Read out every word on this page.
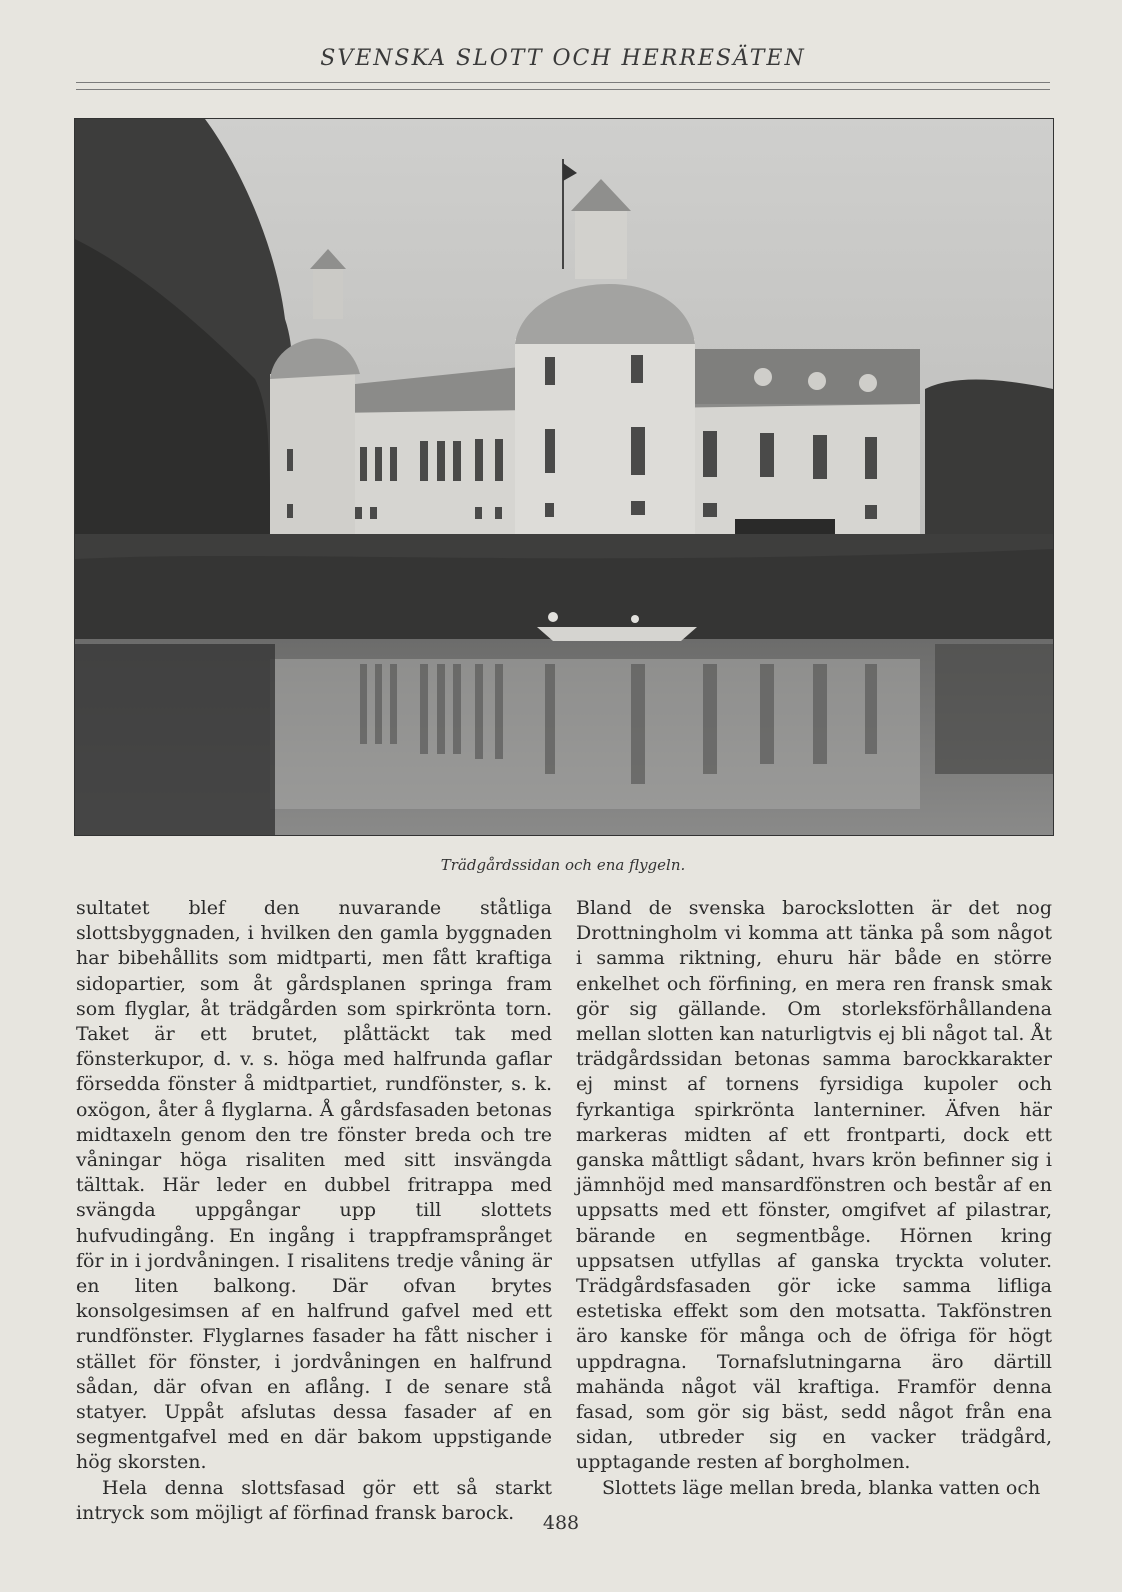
SVENSKA SLOTT OCH HERRESÄTEN
Trädgårdssidan och ena flygeln.

sultatet blef den nuvarande ståtliga slottsbyggnaden, i hvilken den gamla byggnaden har bibehållits som midtparti, men fått kraftiga sidopartier, som åt gårdsplanen springa fram som flyglar, åt trädgården som spirkrönta torn. Taket är ett brutet, plåttäckt tak med fönsterkupor, d. v. s. höga med halfrunda gaflar försedda fönster å midtpartiet, rundfönster, s. k. oxögon, åter å flyglarna. Å gårdsfasaden betonas midtaxeln genom den tre fönster breda och tre våningar höga risaliten med sitt insvängda tälttak. Här leder en dubbel fritrappa med svängda uppgångar upp till slottets hufvudingång. En ingång i trappframsprånget för in i jordvåningen. I risalitens tredje våning är en liten balkong. Där ofvan brytes konsolgesimsen af en halfrund gafvel med ett rundfönster. Flyglarnes fasader ha fått nischer i stället för fönster, i jordvåningen en halfrund sådan, där ofvan en aflång. I de senare stå statyer. Uppåt afslutas dessa fasader af en segmentgafvel med en där bakom uppstigande hög skorsten.

Hela denna slottsfasad gör ett så starkt intryck som möjligt af förfinad fransk barock.

Bland de svenska barockslotten är det nog Drottningholm vi komma att tänka på som något i samma riktning, ehuru här både en större enkelhet och förfining, en mera ren fransk smak gör sig gällande. Om storleksförhållandena mellan slotten kan naturligtvis ej bli något tal. Åt trädgårdssidan betonas samma barockkarakter ej minst af tornens fyrsidiga kupoler och fyrkantiga spirkrönta lanterniner. Äfven här markeras midten af ett frontparti, dock ett ganska måttligt sådant, hvars krön befinner sig i jämnhöjd med mansardfönstren och består af en uppsatts med ett fönster, omgifvet af pilastrar, bärande en segmentbåge. Hörnen kring uppsatsen utfyllas af ganska tryckta voluter. Trädgårdsfasaden gör icke samma lifliga estetiska effekt som den motsatta. Takfönstren äro kanske för många och de öfriga för högt uppdragna. Tornafslutningarna äro därtill mahända något väl kraftiga. Framför denna fasad, som gör sig bäst, sedd något från ena sidan, utbreder sig en vacker trädgård, upptagande resten af borgholmen.

Slottets läge mellan breda, blanka vatten och

488
